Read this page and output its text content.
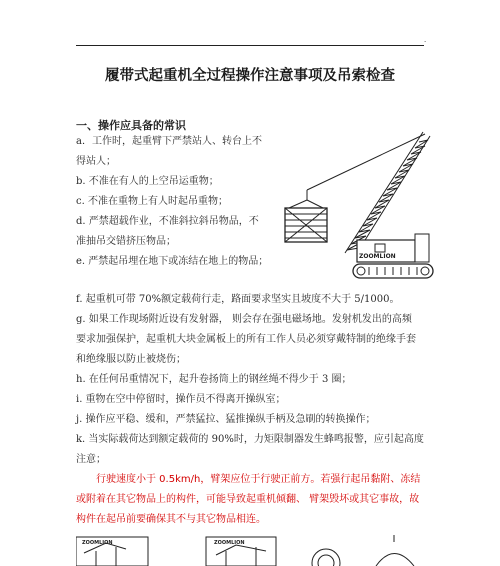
·
履带式起重机全过程操作注意事项及吊索检查
一、操作应具备的常识
a．工作时，起重臂下严禁站人、转台上不
得站人；
b. 不准在有人的上空吊运重物；
c. 不准在重物上有人时起吊重物；
d. 严禁超载作业，不准斜拉斜吊物品，不
准抽吊交错挤压物品；
e. 严禁起吊埋在地下或冻结在地上的物品；
f. 起重机可带 70%额定载荷行走，路面要求坚实且坡度不大于 5/1000。
g. 如果工作现场附近设有发射器， 则会存在强电磁场地。发射机发出的高频
要求加强保护，起重机大块金属板上的所有工作人员必须穿戴特制的绝缘手套
和绝缘服以防止被烧伤；
h. 在任何吊重情况下，起升卷扬筒上的钢丝绳不得少于 3 圈；
i. 重物在空中停留时，操作员不得离开操纵室；
j. 操作应平稳、缓和，严禁猛拉、猛推操纵手柄及急刷的转换操作；
k. 当实际载荷达到额定载荷的 90%时，力矩限制器发生蜂鸣报警，应引起高度
注意；
行驶速度小于 0.5km/h，臂架应位于行驶正前方。若强行起吊黏附、冻结
或附着在其它物品上的构件，可能导致起重机倾翻、 臂架毁坏或其它事故，故
构件在起吊前要确保其不与其它物品相连。
ZOOMLION
ZOOMLION	ZOOMLION
